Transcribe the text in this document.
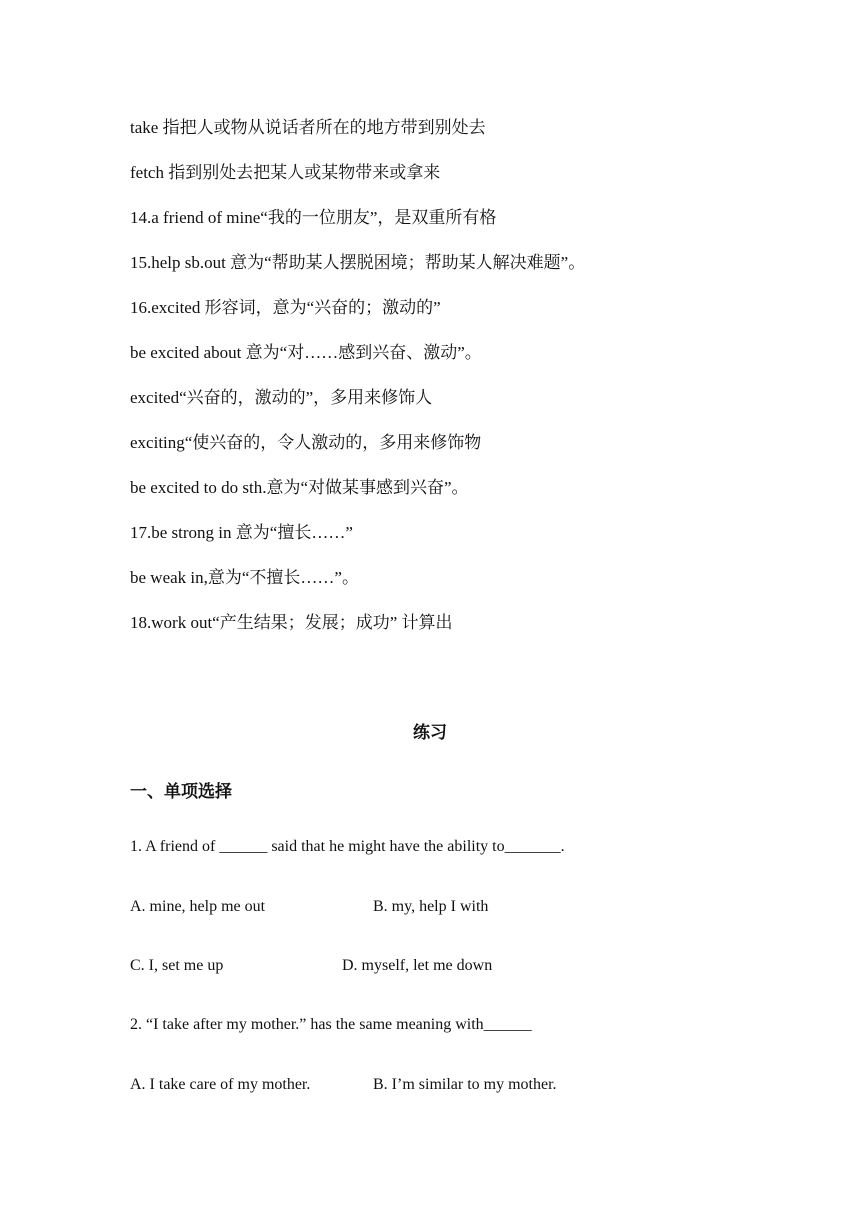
take 指把人或物从说话者所在的地方带到别处去
fetch 指到别处去把某人或某物带来或拿来
14.a friend of mine“我的一位朋友”，是双重所有格
15.help sb.out 意为“帮助某人摆脱困境；帮助某人解决难题”。
16.excited 形容词，意为“兴奋的；激动的”
be excited about 意为“对……感到兴奋、激动”。
excited“兴奋的，激动的”，多用来修饰人
exciting“使兴奋的，令人激动的，多用来修饰物
be excited to do sth.意为“对做某事感到兴奋”。
17.be strong in 意为“擅长……”
be weak in,意为“不擅长……”。
18.work out“产生结果；发展；成功” 计算出
练习
一、单项选择
1. A friend of ______ said that he might have the ability to_______.
A. mine, help me out	B. my, help I with
C. I, set me up	D. myself, let me down
2. “I take after my mother.” has the same meaning with______
A. I take care of my mother.	B. I’m similar to my mother.
